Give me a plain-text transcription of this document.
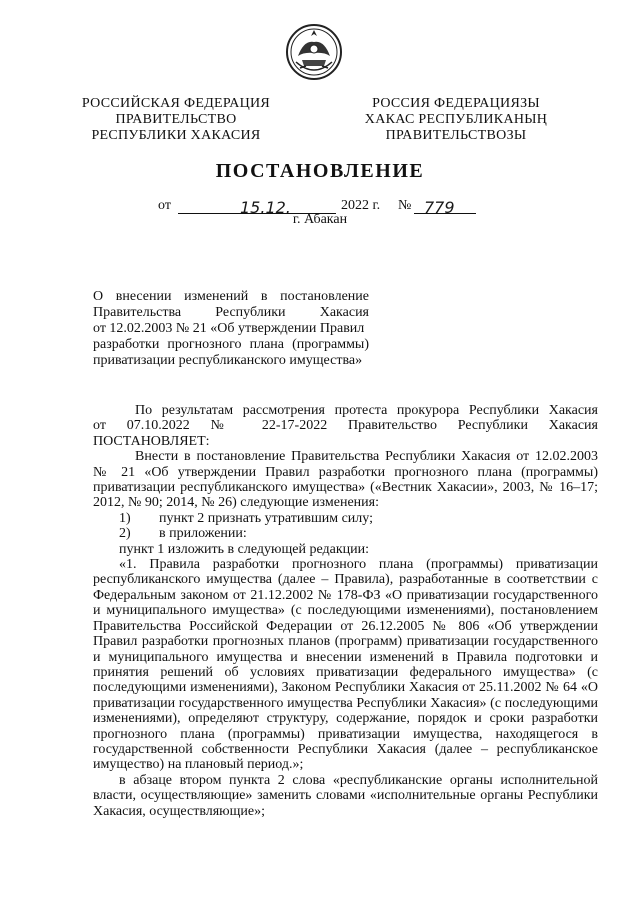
РОССИЙСКАЯ ФЕДЕРАЦИЯ
ПРАВИТЕЛЬСТВО
РЕСПУБЛИКИ ХАКАСИЯ
РОССИЯ ФЕДЕРАЦИЯЗЫ
ХАКАС РЕСПУБЛИКАНЫҢ
ПРАВИТЕЛЬСТВОЗЫ
ПОСТАНОВЛЕНИЕ
от	15.12.	2022 г. № 779
г. Абакан
О внесении изменений в постановление
Правительства Республики Хакасия
от 12.02.2003 № 21 «Об утверждении Правил
разработки прогнозного плана (программы)
приватизации республиканского имущества»
По результатам рассмотрения протеста прокурора Республики Хакасия
от 07.10.2022 № 22-17-2022 Правительство Республики Хакасия
ПОСТАНОВЛЯЕТ:
Внести в постановление Правительства Республики Хакасия от 12.02.2003 № 21 «Об утверждении Правил разработки прогнозного плана (программы) приватизации республиканского имущества» («Вестник Хакасии», 2003, № 16–17; 2012, № 90; 2014, № 26) следующие изменения:
1)	пункт 2 признать утратившим силу;
2)	в приложении:
пункт 1 изложить в следующей редакции:
«1. Правила разработки прогнозного плана (программы) приватизации республиканского имущества (далее – Правила), разработанные в соответствии с Федеральным законом от 21.12.2002 № 178-ФЗ «О приватизации государственного и муниципального имущества» (с последующими изменениями), постановлением Правительства Российской Федерации от 26.12.2005 № 806 «Об утверждении Правил разработки прогнозных планов (программ) приватизации государственного и муниципального имущества и внесении изменений в Правила подготовки и принятия решений об условиях приватизации федерального имущества» (с последующими изменениями), Законом Республики Хакасия от 25.11.2002 № 64 «О приватизации государственного имущества Республики Хакасия» (с последующими изменениями), определяют структуру, содержание, порядок и сроки разработки прогнозного плана (программы) приватизации имущества, находящегося в государственной собственности Республики Хакасия (далее – республиканское имущество) на плановый период.»;
в абзаце втором пункта 2 слова «республиканские органы исполнительной власти, осуществляющие» заменить словами «исполнительные органы Республики Хакасия, осуществляющие»;
